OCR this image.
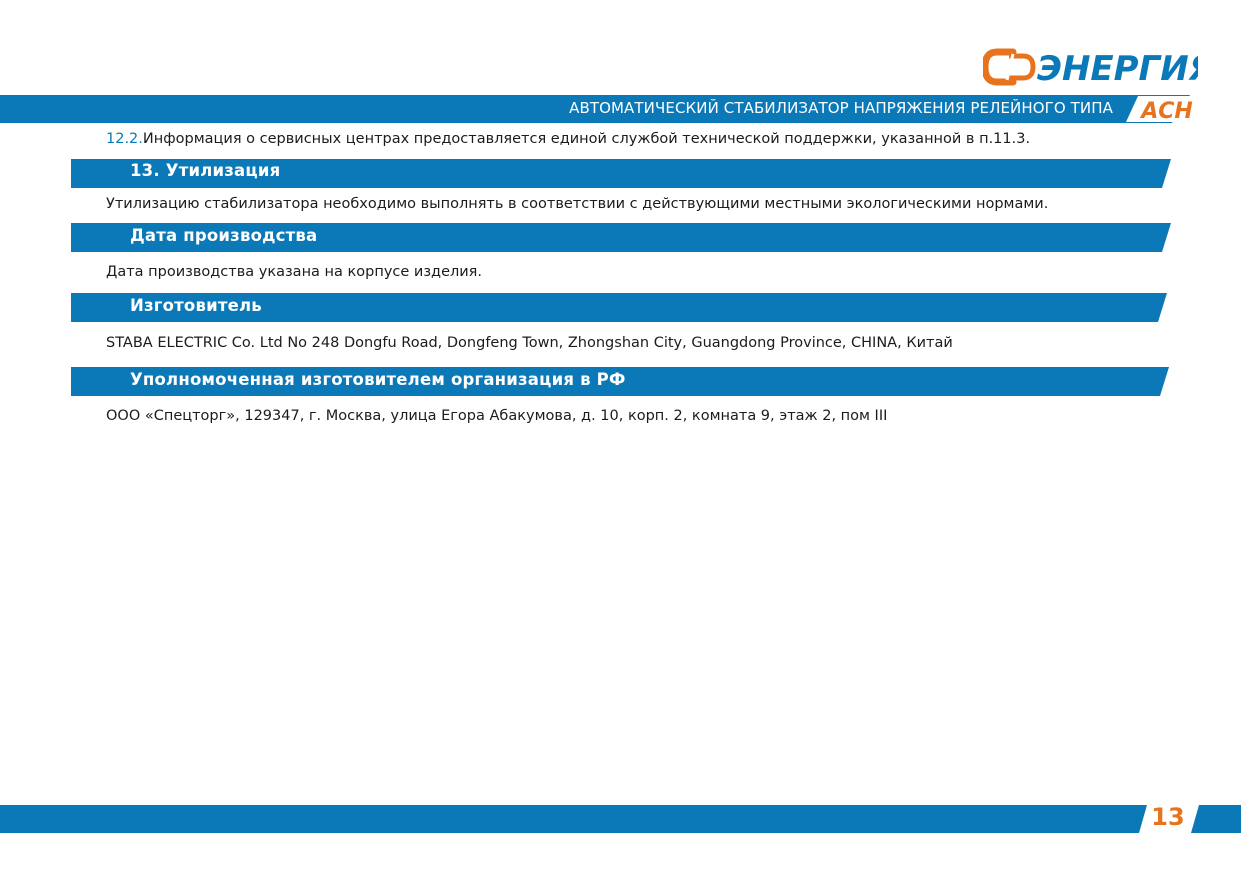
ЭНЕРГИЯ
АВТОМАТИЧЕСКИЙ СТАБИЛИЗАТОР НАПРЯЖЕНИЯ РЕЛЕЙНОГО ТИПА АСН
12.2.Информация о сервисных центрах предоставляется единой службой технической поддержки, указанной в п.11.3.
13. Утилизация
Утилизацию стабилизатора необходимо выполнять в соответствии с действующими местными экологическими нормами.
Дата производства
Дата производства указана на корпусе изделия.
Изготовитель
STABA ELECTRIC Co. Ltd No 248 Dongfu Road, Dongfeng Town, Zhongshan City, Guangdong Province, CHINA, Китай
Уполномоченная изготовителем организация в РФ
ООО «Спецторг», 129347, г. Москва, улица Егора Абакумова, д. 10, корп. 2, комната 9, этаж 2, пом III
13
